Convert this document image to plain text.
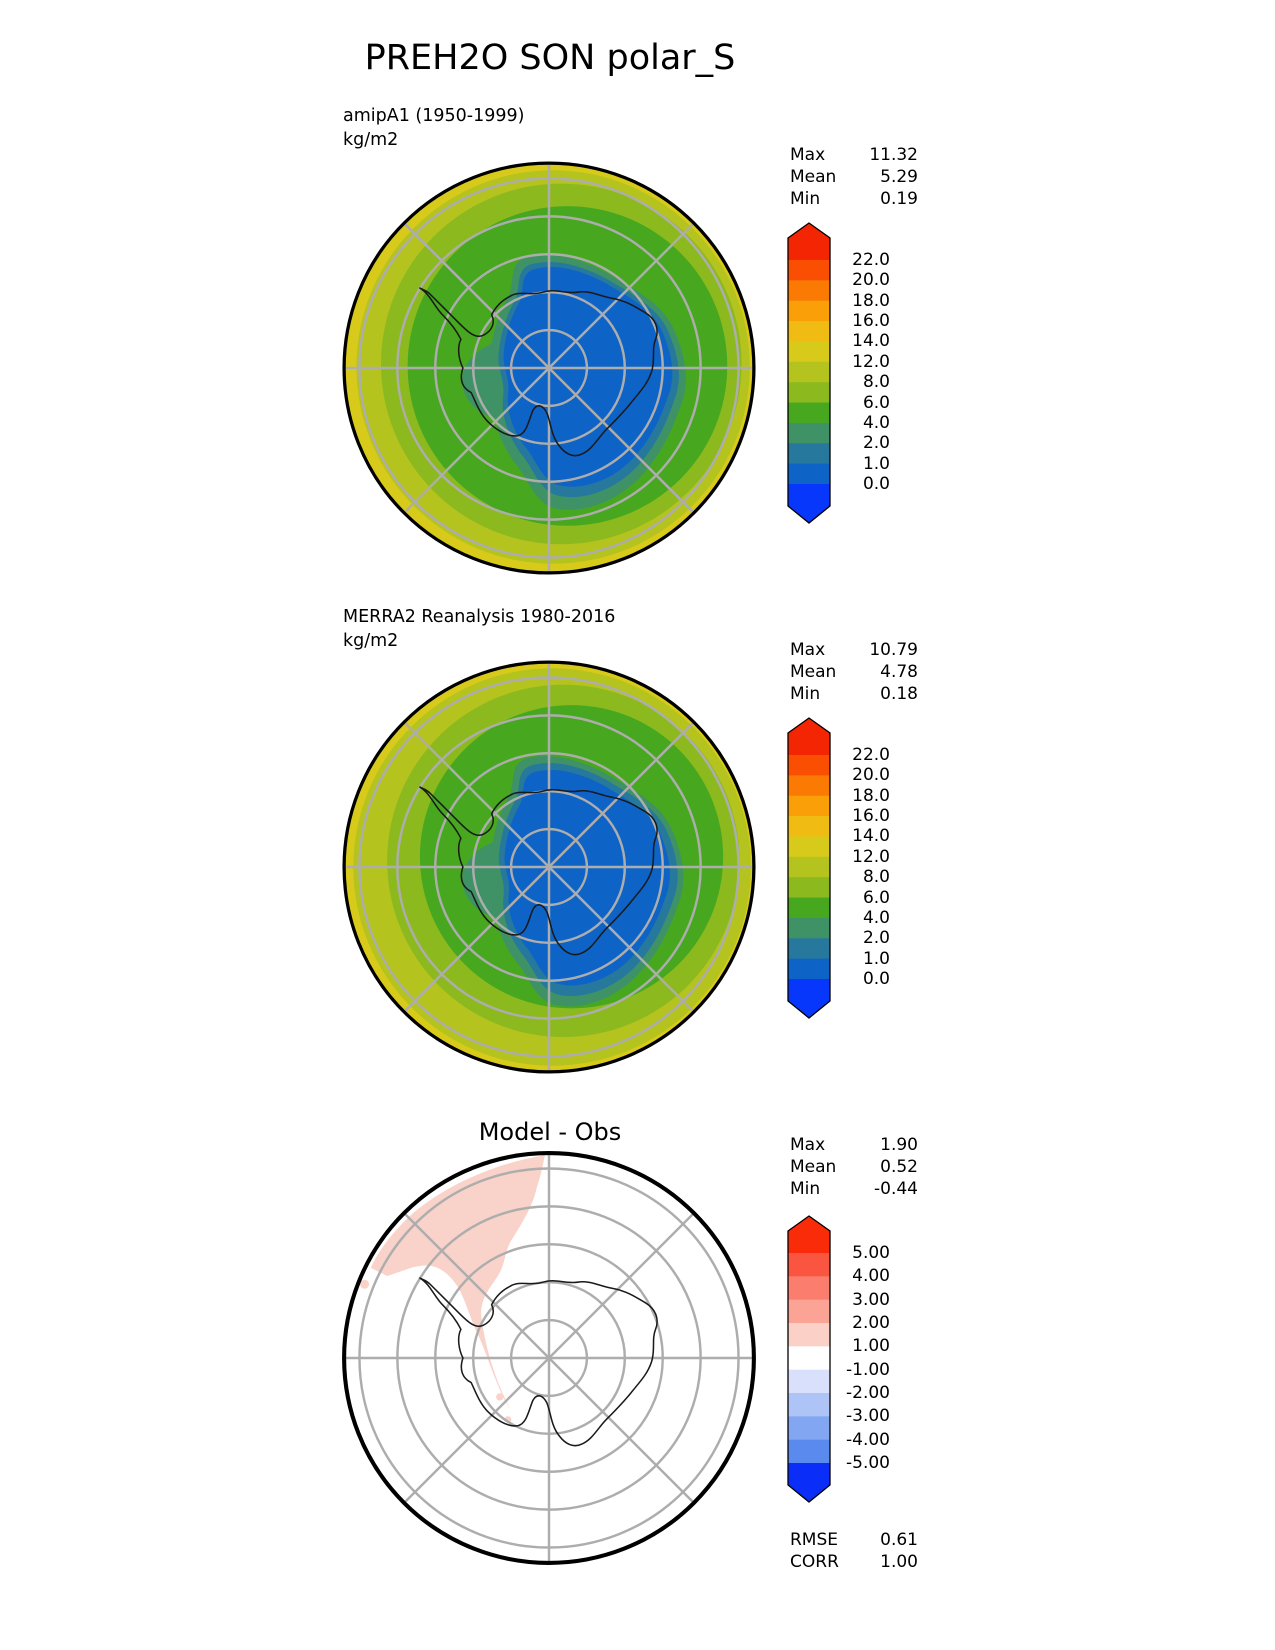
PREH2O SON polar_S
amipA1 (1950-1999)
kg/m2
Max	11.32
Mean	5.29
Min	0.19
MERRA2 Reanalysis 1980-2016
kg/m2	Max	10.79
Mean	4.78
Min	0.18
Model - Obs	Max	1.90
Mean	0.52
Min	-0.44
RMSE 0.61
CORR 1.00
22.0
20.0
18.0
16.0
14.0
12.0
8.0
6.0
4.0
2.0
1.0
0.0
22.0
20.0
18.0
16.0
14.0
12.0
8.0
6.0
4.0
2.0
1.0
0.0
5.00
4.00
3.00
2.00
1.00
-1.00
-2.00
-3.00
-4.00
-5.00
